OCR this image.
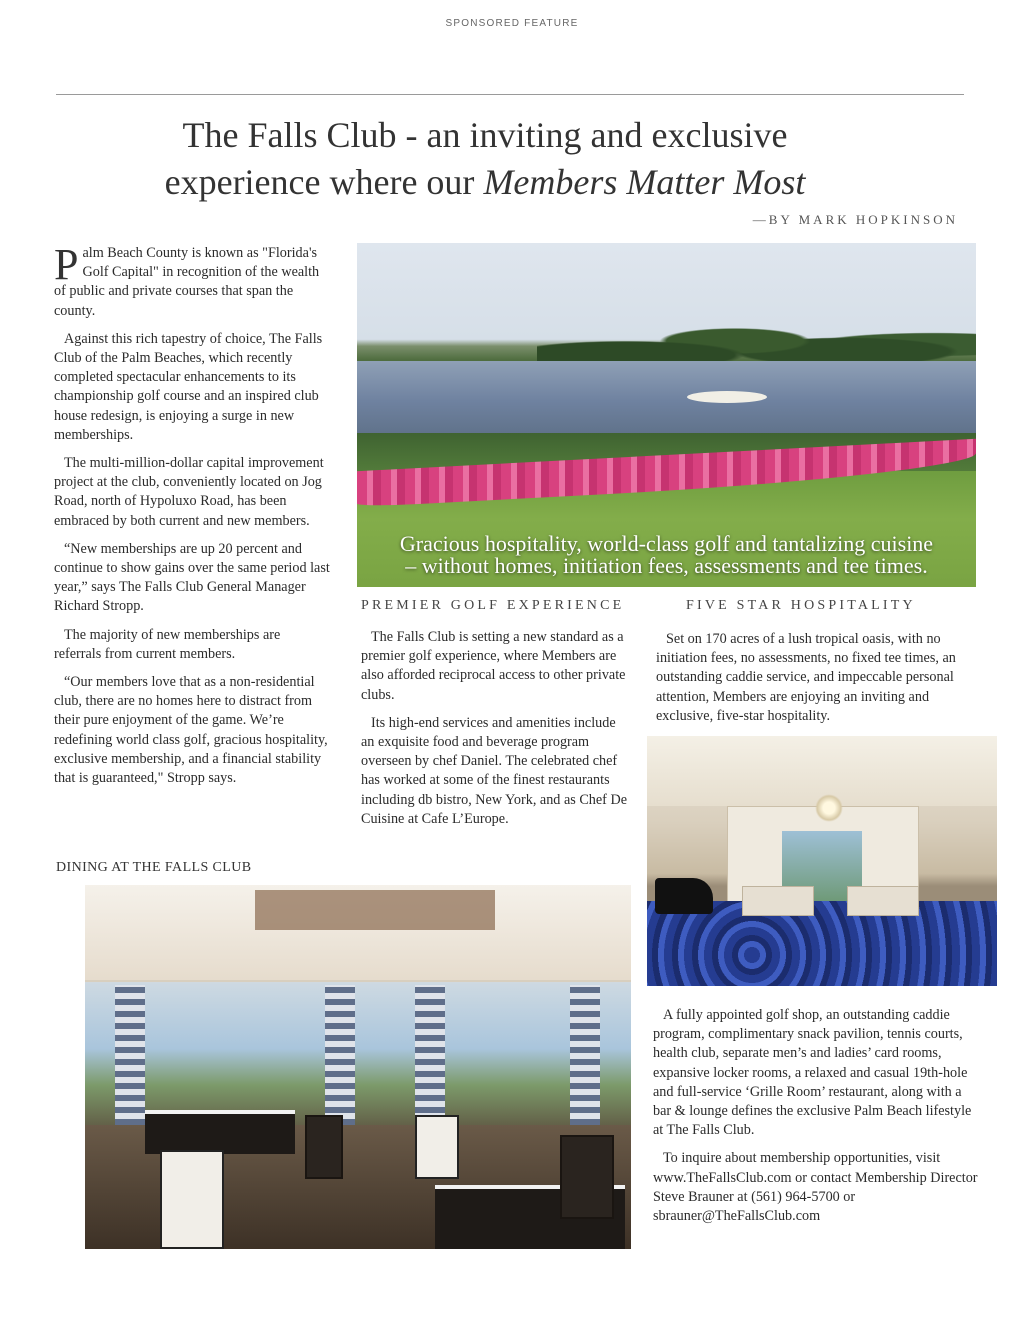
SPONSORED FEATURE
The Falls Club - an inviting and exclusive
experience where our Members Matter Most
—BY MARK HOPKINSON

Palm Beach County is known as "Florida's Golf Capital" in recognition of the wealth of public and private courses that span the county.

Against this rich tapestry of choice, The Falls Club of the Palm Beaches, which recently completed spectacular enhancements to its championship golf course and an inspired club house redesign, is enjoying a surge in new memberships.

The multi-million-dollar capital improvement project at the club, conveniently located on Jog Road, north of Hypoluxo Road, has been embraced by both current and new members.

“New memberships are up 20 percent and continue to show gains over the same period last year,” says The Falls Club General Manager Richard Stropp.

The majority of new memberships are referrals from current members.

“Our members love that as a non-residential club, there are no homes here to distract from their pure enjoyment of the game. We’re redefining world class golf, gracious hospitality, exclusive membership, and a financial stability that is guaranteed," Stropp says.

DINING AT THE FALLS CLUB
Gracious hospitality, world-class golf and tantalizing cuisine
– without homes, initiation fees, assessments and tee times.
PREMIER GOLF EXPERIENCE

The Falls Club is setting a new standard as a premier golf experience, where Members are also afforded reciprocal access to other private clubs.

Its high-end services and amenities include an exquisite food and beverage program overseen by chef Daniel. The celebrated chef has worked at some of the finest restaurants including db bistro, New York, and as Chef De Cuisine at Cafe L’Europe.

FIVE STAR HOSPITALITY

Set on 170 acres of a lush tropical oasis, with no initiation fees, no assessments, no fixed tee times, an outstanding caddie service, and impeccable personal attention, Members are enjoying an inviting and exclusive, five-star hospitality.

A fully appointed golf shop, an outstanding caddie program, complimentary snack pavilion, tennis courts, health club, separate men’s and ladies’ card rooms, expansive locker rooms, a relaxed and casual 19th-hole and full-service ‘Grille Room’ restaurant, along with a bar & lounge defines the exclusive Palm Beach lifestyle at The Falls Club.

To inquire about membership opportunities, visit www.TheFallsClub.com or contact Membership Director Steve Brauner at (561) 964-5700 or sbrauner@TheFallsClub.com
